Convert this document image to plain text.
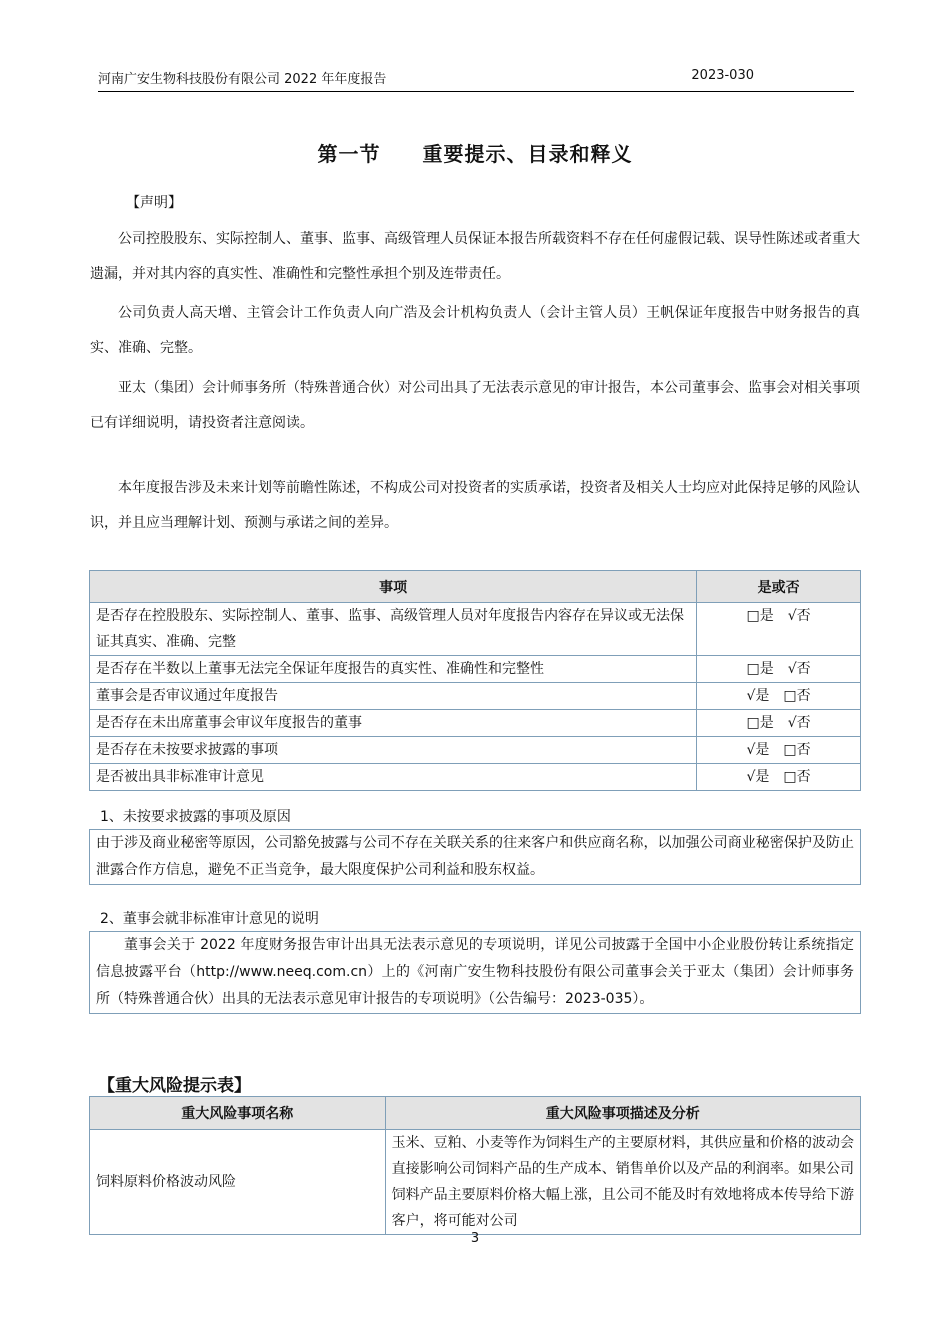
河南广安生物科技股份有限公司 2022 年年度报告	2023-030
第一节　　重要提示、目录和释义
【声明】

公司控股股东、实际控制人、董事、监事、高级管理人员保证本报告所载资料不存在任何虚假记载、误导性陈述或者重大遗漏，并对其内容的真实性、准确性和完整性承担个别及连带责任。

公司负责人高天增、主管会计工作负责人向广浩及会计机构负责人（会计主管人员）王帆保证年度报告中财务报告的真实、准确、完整。

亚太（集团）会计师事务所（特殊普通合伙）对公司出具了无法表示意见的审计报告，本公司董事会、监事会对相关事项已有详细说明，请投资者注意阅读。

本年度报告涉及未来计划等前瞻性陈述，不构成公司对投资者的实质承诺，投资者及相关人士均应对此保持足够的风险认识，并且应当理解计划、预测与承诺之间的差异。

事项	是或否
是否存在控股股东、实际控制人、董事、监事、高级管理人员对年度报告内容存在异议或无法保证其真实、准确、完整	□是　√否
是否存在半数以上董事无法完全保证年度报告的真实性、准确性和完整性	□是　√否
董事会是否审议通过年度报告	√是　□否
是否存在未出席董事会审议年度报告的董事	□是　√否
是否存在未按要求披露的事项	√是　□否
是否被出具非标准审计意见	√是　□否
1、未按要求披露的事项及原因
由于涉及商业秘密等原因，公司豁免披露与公司不存在关联关系的往来客户和供应商名称，以加强公司商业秘密保护及防止泄露合作方信息，避免不正当竞争，最大限度保护公司利益和股东权益。
2、董事会就非标准审计意见的说明
董事会关于 2022 年度财务报告审计出具无法表示意见的专项说明，详见公司披露于全国中小企业股份转让系统指定信息披露平台（http://www.neeq.com.cn）上的《河南广安生物科技股份有限公司董事会关于亚太（集团）会计师事务所（特殊普通合伙）出具的无法表示意见审计报告的专项说明》（公告编号：2023-035）。
【重大风险提示表】
重大风险事项名称	重大风险事项描述及分析
饲料原料价格波动风险	玉米、豆粕、小麦等作为饲料生产的主要原材料，其供应量和价格的波动会直接影响公司饲料产品的生产成本、销售单价以及产品的利润率。如果公司饲料产品主要原料价格大幅上涨，且公司不能及时有效地将成本传导给下游客户，将可能对公司
3
